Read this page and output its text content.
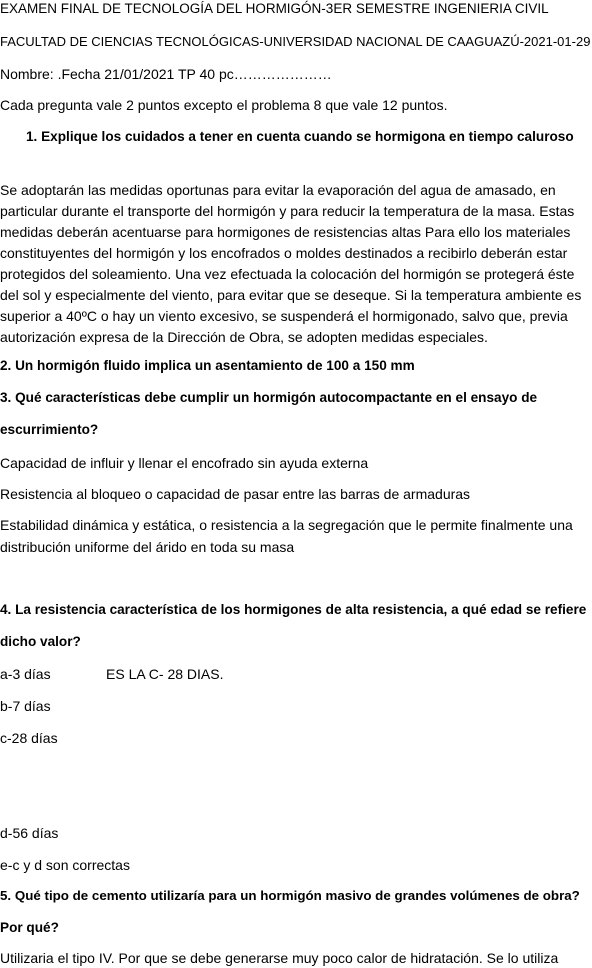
EXAMEN FINAL DE TECNOLOGÍA DEL HORMIGÓN-3ER SEMESTRE INGENIERIA CIVIL
FACULTAD DE CIENCIAS TECNOLÓGICAS-UNIVERSIDAD NACIONAL DE CAAGUAZÚ-2021-01-29
Nombre: .Fecha 21/01/2021 TP 40 pc…………………
Cada pregunta vale 2 puntos excepto el problema 8 que vale 12 puntos.
1. Explique los cuidados a tener en cuenta cuando se hormigona en tiempo caluroso
Se adoptarán las medidas oportunas para evitar la evaporación del agua de amasado, en
particular durante el transporte del hormigón y para reducir la temperatura de la masa. Estas
medidas deberán acentuarse para hormigones de resistencias altas Para ello los materiales
constituyentes del hormigón y los encofrados o moldes destinados a recibirlo deberán estar
protegidos del soleamiento. Una vez efectuada la colocación del hormigón se protegerá éste
del sol y especialmente del viento, para evitar que se deseque. Si la temperatura ambiente es
superior a 40ºC o hay un viento excesivo, se suspenderá el hormigonado, salvo que, previa
autorización expresa de la Dirección de Obra, se adopten medidas especiales.
2. Un hormigón fluido implica un asentamiento de 100 a 150 mm
3. Qué características debe cumplir un hormigón autocompactante en el ensayo de
escurrimiento?
Capacidad de influir y llenar el encofrado sin ayuda externa
Resistencia al bloqueo o capacidad de pasar entre las barras de armaduras
Estabilidad dinámica y estática, o resistencia a la segregación que le permite finalmente una
distribución uniforme del árido en toda su masa
4. La resistencia característica de los hormigones de alta resistencia, a qué edad se refiere
dicho valor?
a-3 días	ES LA C- 28 DIAS.
b-7 días
c-28 días
d-56 días
e-c y d son correctas
5. Qué tipo de cemento utilizaría para un hormigón masivo de grandes volúmenes de obra?
Por qué?
Utilizaria el tipo IV. Por que se debe generarse muy poco calor de hidratación. Se lo utiliza
